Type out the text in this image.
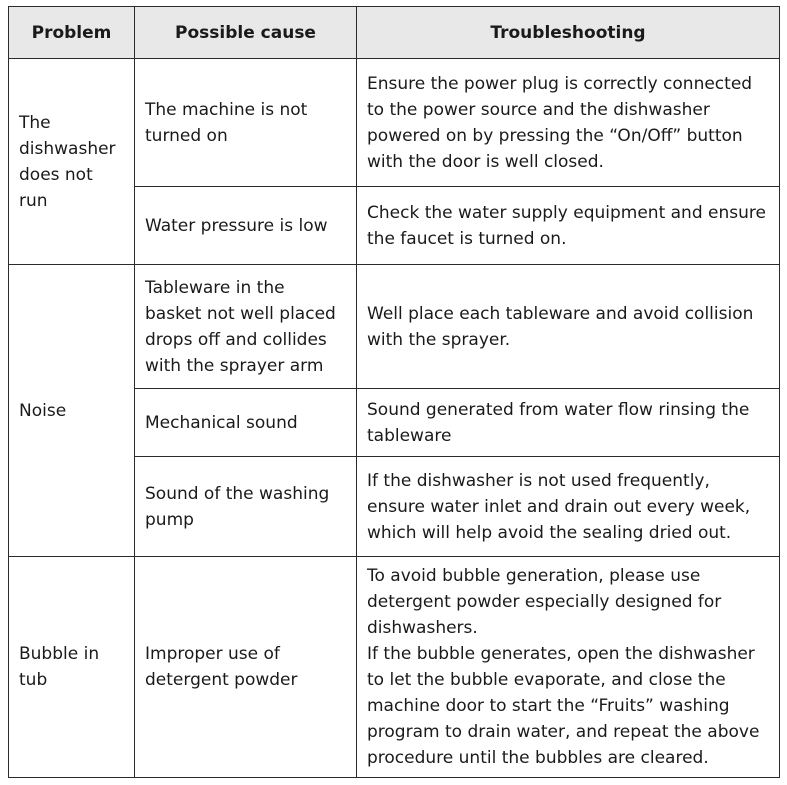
Problem	Possible cause	Troubleshooting

The dishwasher does not run	The machine is not turned on	Ensure the power plug is correctly connected to the power source and the dishwasher powered on by pressing the “On/Off” button with the door is well closed.

	Water pressure is low	Check the water supply equipment and ensure the faucet is turned on.

Noise	Tableware in the basket not well placed drops off and collides with the sprayer arm	Well place each tableware and avoid collision with the sprayer.

	Mechanical sound	Sound generated from water flow rinsing the tableware

	Sound of the washing pump	If the dishwasher is not used frequently, ensure water inlet and drain out every week, which will help avoid the sealing dried out.

Bubble in tub	Improper use of detergent powder	To avoid bubble generation, please use detergent powder especially designed for dishwashers.
If the bubble generates, open the dishwasher to let the bubble evaporate, and close the machine door to start the “Fruits” washing program to drain water, and repeat the above procedure until the bubbles are cleared.
